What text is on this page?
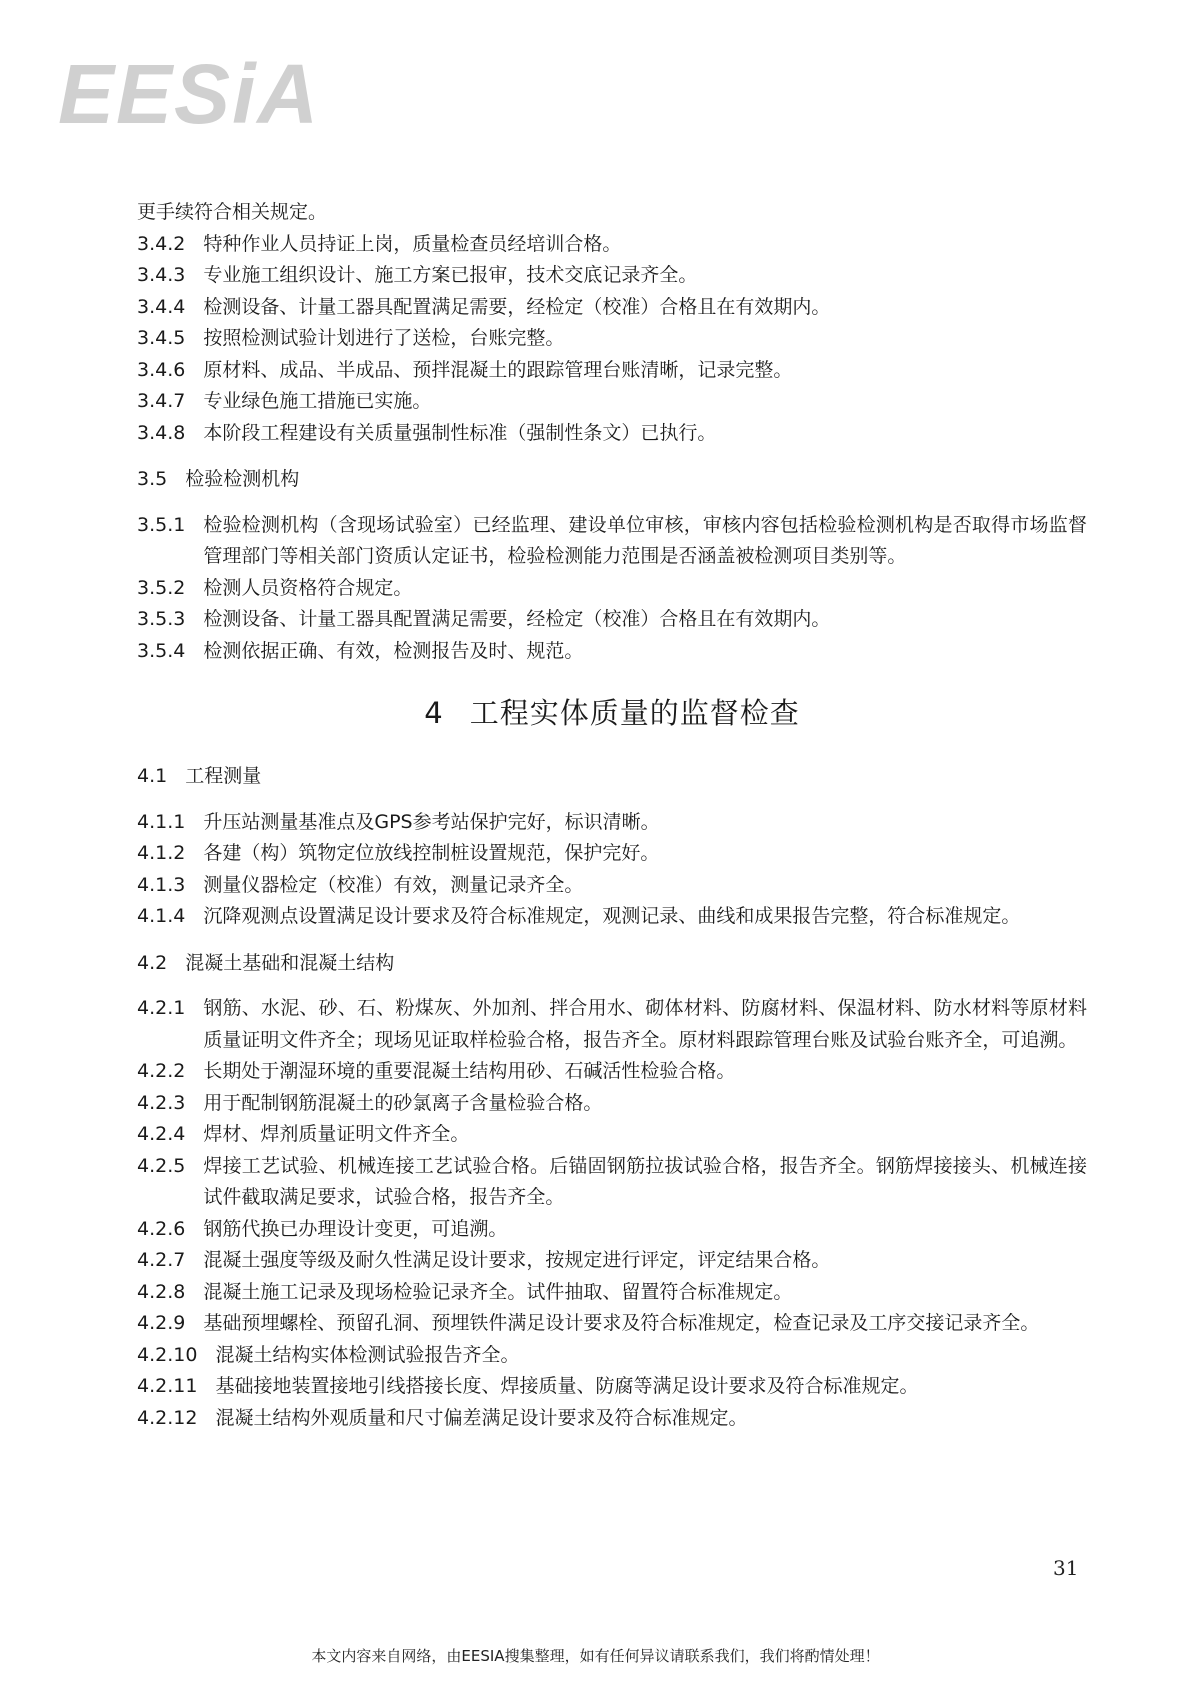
EESiA
更手续符合相关规定。
3.4.2 特种作业人员持证上岗，质量检查员经培训合格。
3.4.3 专业施工组织设计、施工方案已报审，技术交底记录齐全。
3.4.4 检测设备、计量工器具配置满足需要，经检定（校准）合格且在有效期内。
3.4.5 按照检测试验计划进行了送检，台账完整。
3.4.6 原材料、成品、半成品、预拌混凝土的跟踪管理台账清晰，记录完整。
3.4.7 专业绿色施工措施已实施。
3.4.8 本阶段工程建设有关质量强制性标准（强制性条文）已执行。
3.5 检验检测机构
3.5.1 检验检测机构（含现场试验室）已经监理、建设单位审核，审核内容包括检验检测机构是否取得市场监督管理部门等相关部门资质认定证书，检验检测能力范围是否涵盖被检测项目类别等。
3.5.2 检测人员资格符合规定。
3.5.3 检测设备、计量工器具配置满足需要，经检定（校准）合格且在有效期内。
3.5.4 检测依据正确、有效，检测报告及时、规范。
4 工程实体质量的监督检查
4.1 工程测量
4.1.1 升压站测量基准点及GPS参考站保护完好，标识清晰。
4.1.2 各建（构）筑物定位放线控制桩设置规范，保护完好。
4.1.3 测量仪器检定（校准）有效，测量记录齐全。
4.1.4 沉降观测点设置满足设计要求及符合标准规定，观测记录、曲线和成果报告完整，符合标准规定。
4.2 混凝土基础和混凝土结构
4.2.1 钢筋、水泥、砂、石、粉煤灰、外加剂、拌合用水、砌体材料、防腐材料、保温材料、防水材料等原材料质量证明文件齐全；现场见证取样检验合格，报告齐全。原材料跟踪管理台账及试验台账齐全，可追溯。
4.2.2 长期处于潮湿环境的重要混凝土结构用砂、石碱活性检验合格。
4.2.3 用于配制钢筋混凝土的砂氯离子含量检验合格。
4.2.4 焊材、焊剂质量证明文件齐全。
4.2.5 焊接工艺试验、机械连接工艺试验合格。后锚固钢筋拉拔试验合格，报告齐全。钢筋焊接接头、机械连接试件截取满足要求，试验合格，报告齐全。
4.2.6 钢筋代换已办理设计变更，可追溯。
4.2.7 混凝土强度等级及耐久性满足设计要求，按规定进行评定，评定结果合格。
4.2.8 混凝土施工记录及现场检验记录齐全。试件抽取、留置符合标准规定。
4.2.9 基础预埋螺栓、预留孔洞、预埋铁件满足设计要求及符合标准规定，检查记录及工序交接记录齐全。
4.2.10 混凝土结构实体检测试验报告齐全。
4.2.11 基础接地装置接地引线搭接长度、焊接质量、防腐等满足设计要求及符合标准规定。
4.2.12 混凝土结构外观质量和尺寸偏差满足设计要求及符合标准规定。
31
本文内容来自网络，由EESIA搜集整理，如有任何异议请联系我们，我们将酌情处理！
